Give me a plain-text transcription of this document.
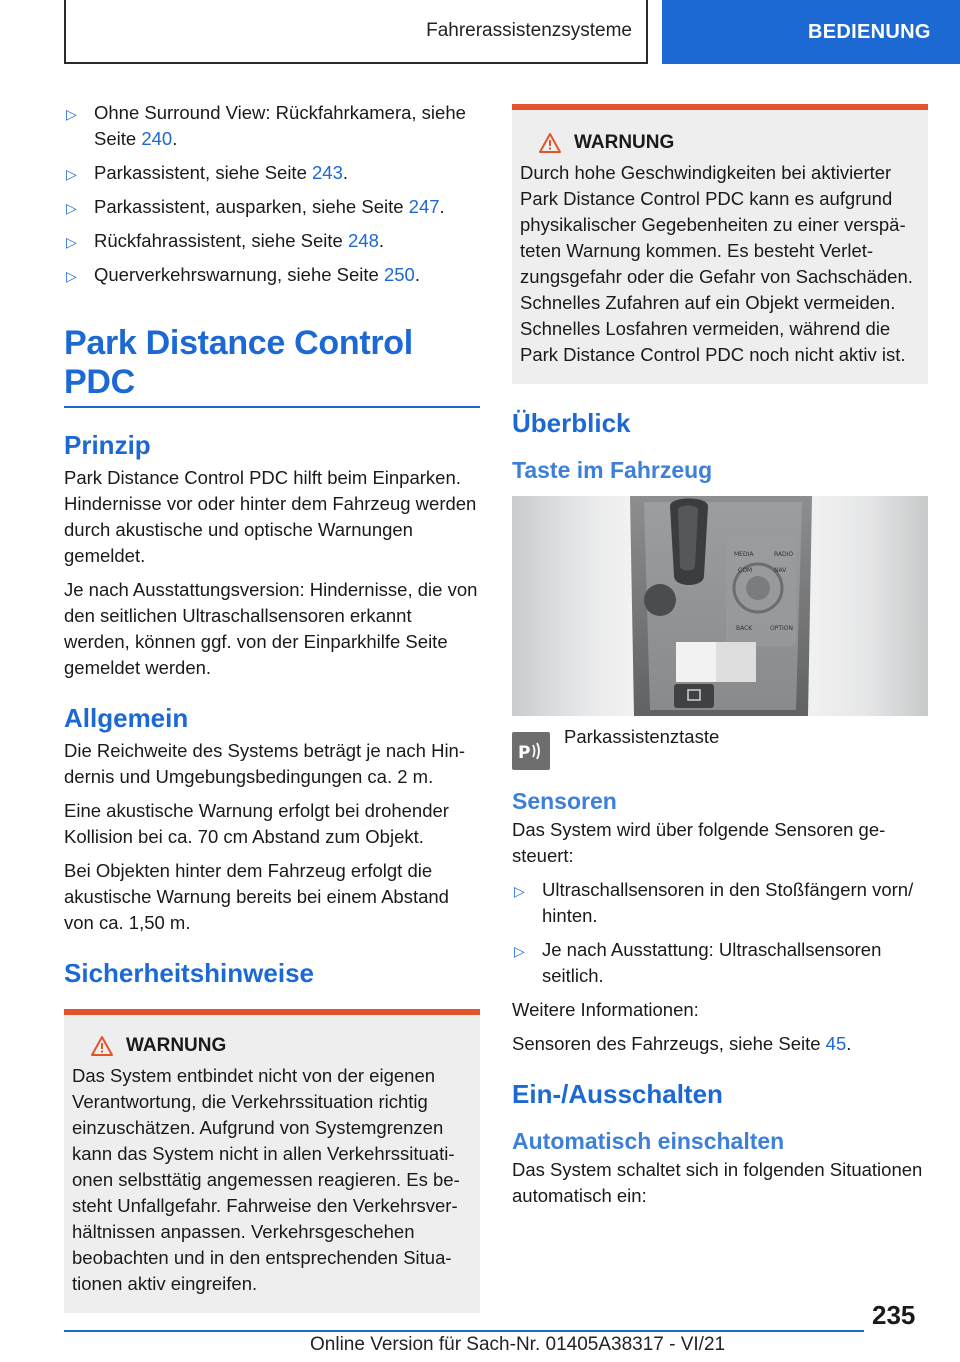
Fahrerassistenzsysteme	BEDIENUNG
▷ Ohne Surround View: Rückfahrkamera, siehe Seite 240.
▷ Parkassistent, siehe Seite 243.
▷ Parkassistent, ausparken, siehe Seite 247.
▷ Rückfahrassistent, siehe Seite 248.
▷ Querverkehrswarnung, siehe Seite 250.
Park Distance Control PDC
Prinzip

Park Distance Control PDC hilft beim Einparken. Hindernisse vor oder hinter dem Fahrzeug werden durch akustische und optische Warnungen gemeldet.

Je nach Ausstattungsversion: Hindernisse, die von den seitlichen Ultraschallsensoren erkannt werden, können ggf. von der Einparkhilfe Seite gemeldet werden.

Allgemein

Die Reichweite des Systems beträgt je nach Hindernis und Umgebungsbedingungen ca. 2 m.

Eine akustische Warnung erfolgt bei drohender Kollision bei ca. 70 cm Abstand zum Objekt.

Bei Objekten hinter dem Fahrzeug erfolgt die akustische Warnung bereits bei einem Abstand von ca. 1,50 m.

Sicherheitshinweise
WARNUNG

Das System entbindet nicht von der eigenen Verantwortung, die Verkehrssituation richtig einzuschätzen. Aufgrund von Systemgrenzen kann das System nicht in allen Verkehrssituationen selbsttätig angemessen reagieren. Es besteht Unfallgefahr. Fahrweise den Verkehrsverhältnissen anpassen. Verkehrsgeschehen beobachten und in den entsprechenden Situationen aktiv eingreifen.

WARNUNG

Durch hohe Geschwindigkeiten bei aktivierter Park Distance Control PDC kann es aufgrund physikalischer Gegebenheiten zu einer verspäteten Warnung kommen. Es besteht Verletzungsgefahr oder die Gefahr von Sachschäden. Schnelles Zufahren auf ein Objekt vermeiden. Schnelles Losfahren vermeiden, während die Park Distance Control PDC noch nicht aktiv ist.

Überblick
Taste im Fahrzeug
MEDIA	RADIO
COM	NAV
BACK	OPTION
P
Parkassistenztaste
Sensoren

Das System wird über folgende Sensoren gesteuert:

▷ Ultraschallsensoren in den Stoßfängern vorn/ hinten.
▷ Je nach Ausstattung: Ultraschallsensoren seitlich.

Weitere Informationen:

Sensoren des Fahrzeugs, siehe Seite 45.

Ein-/Ausschalten
Automatisch einschalten

Das System schaltet sich in folgenden Situationen automatisch ein:

235
Online Version für Sach-Nr. 01405A38317 - VI/21
